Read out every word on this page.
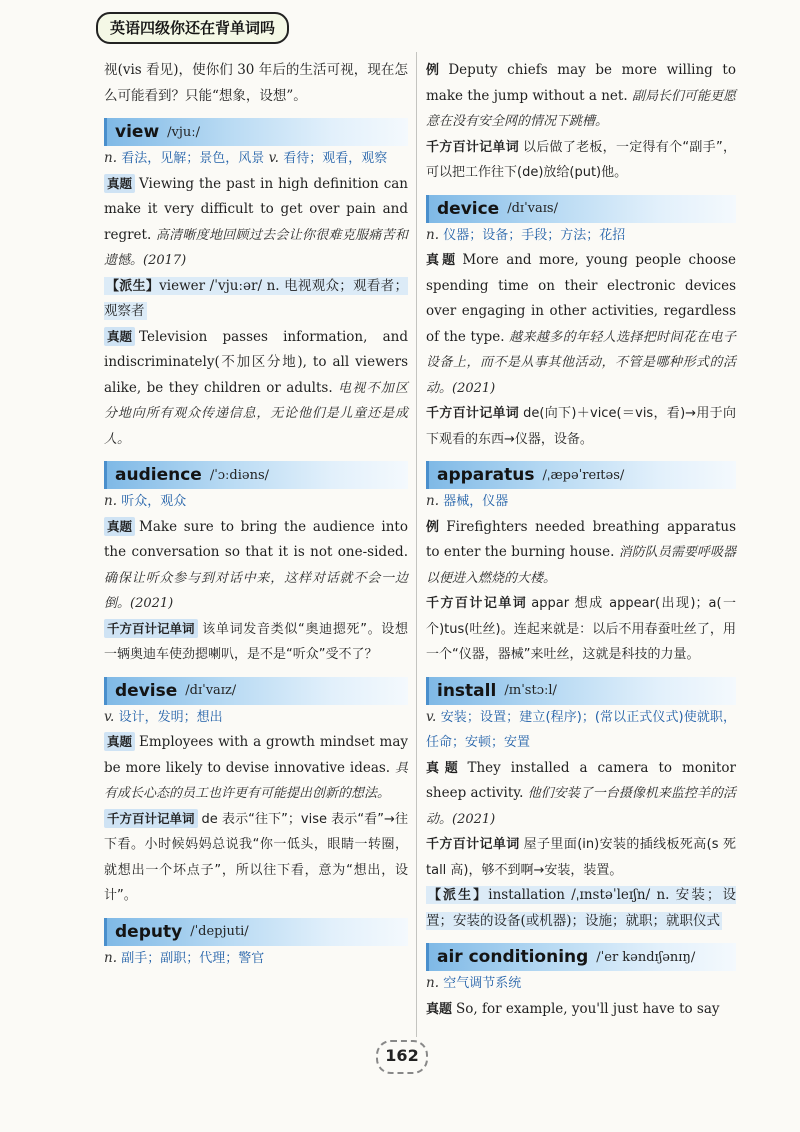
英语四级你还在背单词吗

视(vis 看见)，使你们 30 年后的生活可视，现在怎么可能看到？只能“想象，设想”。

view /vjuː/

n. 看法，见解；景色，风景 v. 看待；观看，观察

真题 Viewing the past in high definition can make it very difficult to get over pain and regret. 高清晰度地回顾过去会让你很难克服痛苦和遗憾。(2017)

【派生】viewer /ˈvjuːər/ n. 电视观众；观看者；观察者

真题 Television passes information, and indiscriminately(不加区分地), to all viewers alike, be they children or adults. 电视不加区分地向所有观众传递信息，无论他们是儿童还是成人。

audience /ˈɔːdiəns/

n. 听众，观众

真题 Make sure to bring the audience into the conversation so that it is not one-sided. 确保让听众参与到对话中来，这样对话就不会一边倒。(2021)

千方百计记单词 该单词发音类似“奥迪摁死”。设想一辆奥迪车使劲摁喇叭，是不是“听众”受不了？

devise /dɪˈvaɪz/

v. 设计，发明；想出

真题 Employees with a growth mindset may be more likely to devise innovative ideas. 具有成长心态的员工也许更有可能提出创新的想法。

千方百计记单词 de 表示“往下”；vise 表示“看”→往下看。小时候妈妈总说我“你一低头，眼睛一转圈，就想出一个坏点子”，所以往下看，意为“想出，设计”。

deputy /ˈdepjuti/

n. 副手；副职；代理；警官

例 Deputy chiefs may be more willing to make the jump without a net. 副局长们可能更愿意在没有安全网的情况下跳槽。

千方百计记单词 以后做了老板，一定得有个“副手”，可以把工作往下(de)放给(put)他。

device /dɪˈvaɪs/

n. 仪器；设备；手段；方法；花招

真题 More and more, young people choose spending time on their electronic devices over engaging in other activities, regardless of the type. 越来越多的年轻人选择把时间花在电子设备上，而不是从事其他活动，不管是哪种形式的活动。(2021)

千方百计记单词 de(向下)＋vice(＝vis，看)→用于向下观看的东西→仪器，设备。

apparatus /ˌæpəˈreɪtəs/

n. 器械，仪器

例 Firefighters needed breathing apparatus to enter the burning house. 消防队员需要呼吸器以便进入燃烧的大楼。

千方百计记单词 appar 想成 appear(出现)；a(一个)tus(吐丝)。连起来就是：以后不用春蚕吐丝了，用一个“仪器，器械”来吐丝，这就是科技的力量。

install /ɪnˈstɔːl/

v. 安装；设置；建立(程序)；(常以正式仪式)使就职，任命；安顿；安置

真题 They installed a camera to monitor sheep activity. 他们安装了一台摄像机来监控羊的活动。(2021)

千方百计记单词 屋子里面(in)安装的插线板死高(s 死 tall 高)，够不到啊→安装，装置。

【派生】installation /ˌɪnstəˈleɪʃn/ n. 安装；设置；安装的设备(或机器)；设施；就职；就职仪式

air conditioning /ˈer kəndɪʃənɪŋ/

n. 空气调节系统

真题 So, for example, you'll just have to say

162
